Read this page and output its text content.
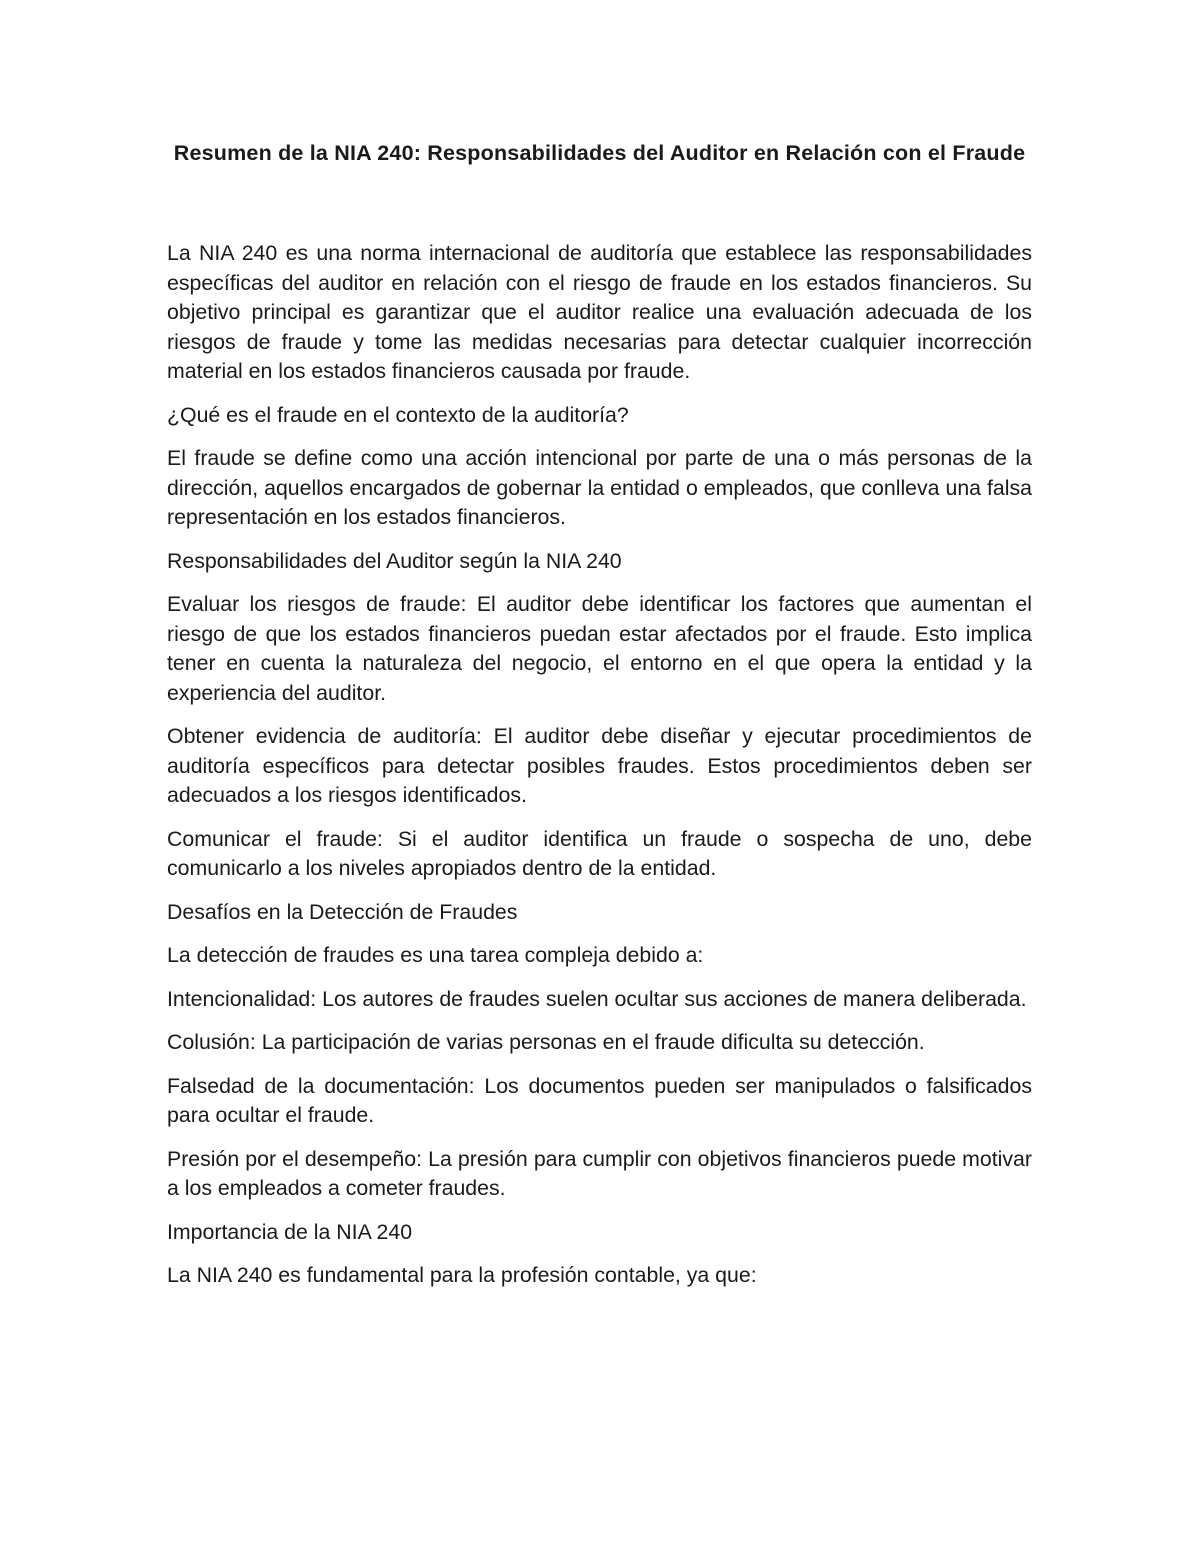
Resumen de la NIA 240: Responsabilidades del Auditor en Relación con el Fraude

La NIA 240 es una norma internacional de auditoría que establece las responsabilidades específicas del auditor en relación con el riesgo de fraude en los estados financieros. Su objetivo principal es garantizar que el auditor realice una evaluación adecuada de los riesgos de fraude y tome las medidas necesarias para detectar cualquier incorrección material en los estados financieros causada por fraude.

¿Qué es el fraude en el contexto de la auditoría?

El fraude se define como una acción intencional por parte de una o más personas de la dirección, aquellos encargados de gobernar la entidad o empleados, que conlleva una falsa representación en los estados financieros.

Responsabilidades del Auditor según la NIA 240

Evaluar los riesgos de fraude: El auditor debe identificar los factores que aumentan el riesgo de que los estados financieros puedan estar afectados por el fraude. Esto implica tener en cuenta la naturaleza del negocio, el entorno en el que opera la entidad y la experiencia del auditor.

Obtener evidencia de auditoría: El auditor debe diseñar y ejecutar procedimientos de auditoría específicos para detectar posibles fraudes. Estos procedimientos deben ser adecuados a los riesgos identificados.

Comunicar el fraude: Si el auditor identifica un fraude o sospecha de uno, debe comunicarlo a los niveles apropiados dentro de la entidad.

Desafíos en la Detección de Fraudes

La detección de fraudes es una tarea compleja debido a:

Intencionalidad: Los autores de fraudes suelen ocultar sus acciones de manera deliberada.

Colusión: La participación de varias personas en el fraude dificulta su detección.

Falsedad de la documentación: Los documentos pueden ser manipulados o falsificados para ocultar el fraude.

Presión por el desempeño: La presión para cumplir con objetivos financieros puede motivar a los empleados a cometer fraudes.

Importancia de la NIA 240

La NIA 240 es fundamental para la profesión contable, ya que:
